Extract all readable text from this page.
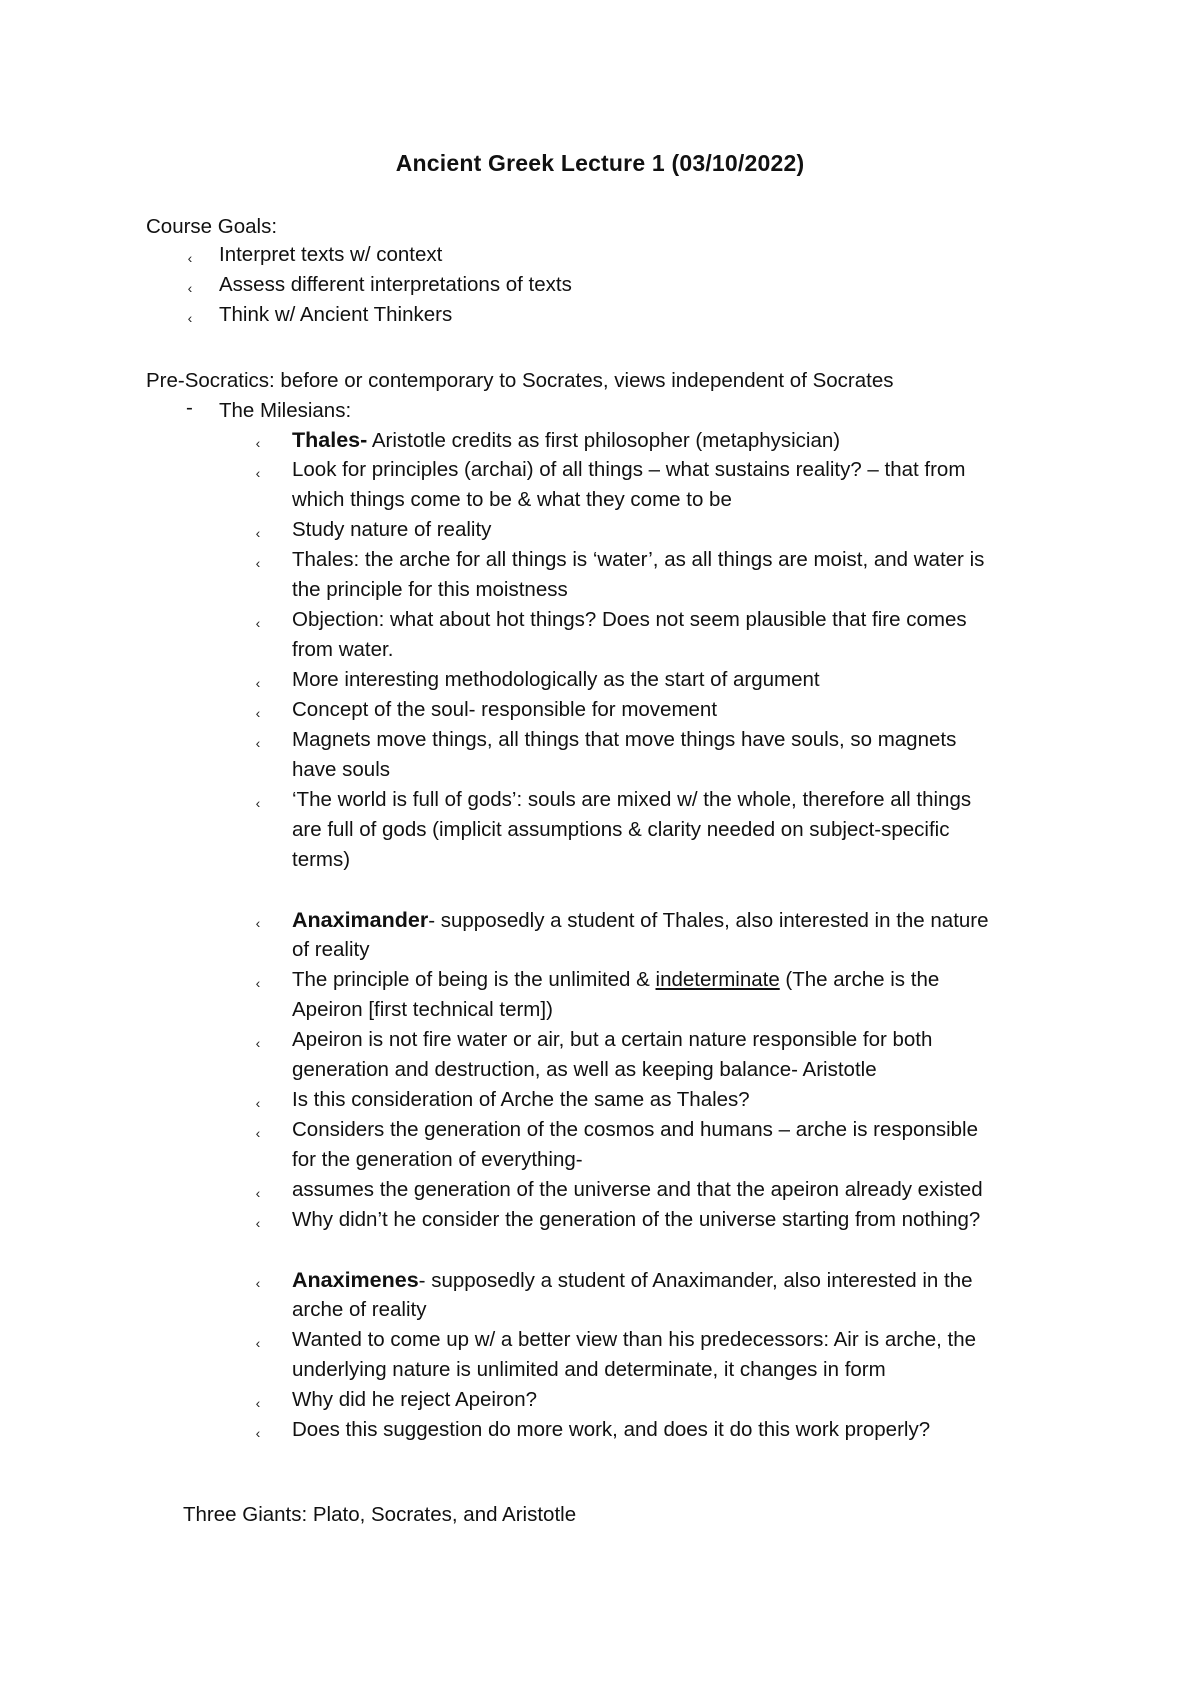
Ancient Greek Lecture 1 (03/10/2022)
Course Goals:
‹ Interpret texts w/ context
‹ Assess different interpretations of texts
‹ Think w/ Ancient Thinkers
Pre-Socratics: before or contemporary to Socrates, views independent of Socrates
- The Milesians:
‹ Thales- Aristotle credits as first philosopher (metaphysician)
‹ Look for principles (archai) of all things – what sustains reality? – that from
which things come to be & what they come to be
‹ Study nature of reality
‹ Thales: the arche for all things is ‘water’, as all things are moist, and water is
the principle for this moistness
‹ Objection: what about hot things? Does not seem plausible that fire comes
from water.
‹ More interesting methodologically as the start of argument
‹ Concept of the soul- responsible for movement
‹ Magnets move things, all things that move things have souls, so magnets
have souls
‹ ‘The world is full of gods’: souls are mixed w/ the whole, therefore all things
are full of gods (implicit assumptions & clarity needed on subject-specific
terms)
‹ Anaximander- supposedly a student of Thales, also interested in the nature
of reality
‹ The principle of being is the unlimited & indeterminate (The arche is the
Apeiron [first technical term])
‹ Apeiron is not fire water or air, but a certain nature responsible for both
generation and destruction, as well as keeping balance- Aristotle
‹ Is this consideration of Arche the same as Thales?
‹ Considers the generation of the cosmos and humans – arche is responsible
for the generation of everything-
‹ assumes the generation of the universe and that the apeiron already existed
‹ Why didn’t he consider the generation of the universe starting from nothing?
‹ Anaximenes- supposedly a student of Anaximander, also interested in the
arche of reality
‹ Wanted to come up w/ a better view than his predecessors: Air is arche, the
underlying nature is unlimited and determinate, it changes in form
‹ Why did he reject Apeiron?
‹ Does this suggestion do more work, and does it do this work properly?
Three Giants: Plato, Socrates, and Aristotle
